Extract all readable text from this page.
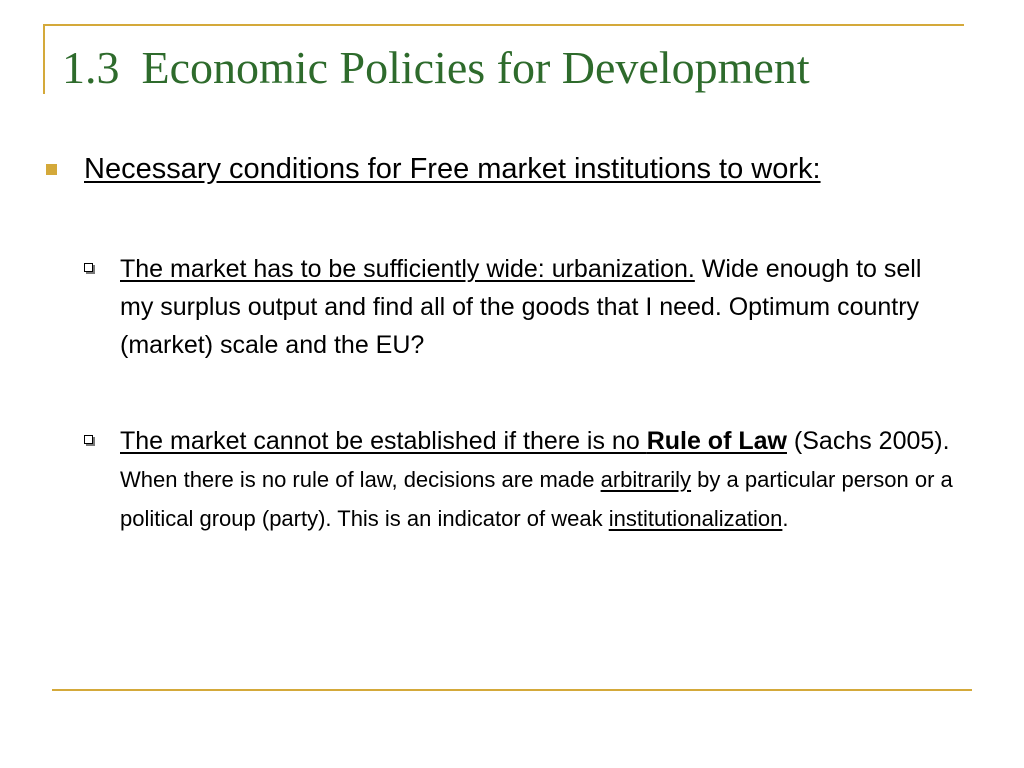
1.3 Economic Policies for Development
Necessary conditions for Free market institutions to work:
The market has to be sufficiently wide: urbanization. Wide enough to sell my surplus output and find all of the goods that I need. Optimum country (market) scale and the EU?
The market cannot be established if there is no Rule of Law (Sachs 2005). When there is no rule of law, decisions are made arbitrarily by a particular person or a political group (party). This is an indicator of weak institutionalization.
